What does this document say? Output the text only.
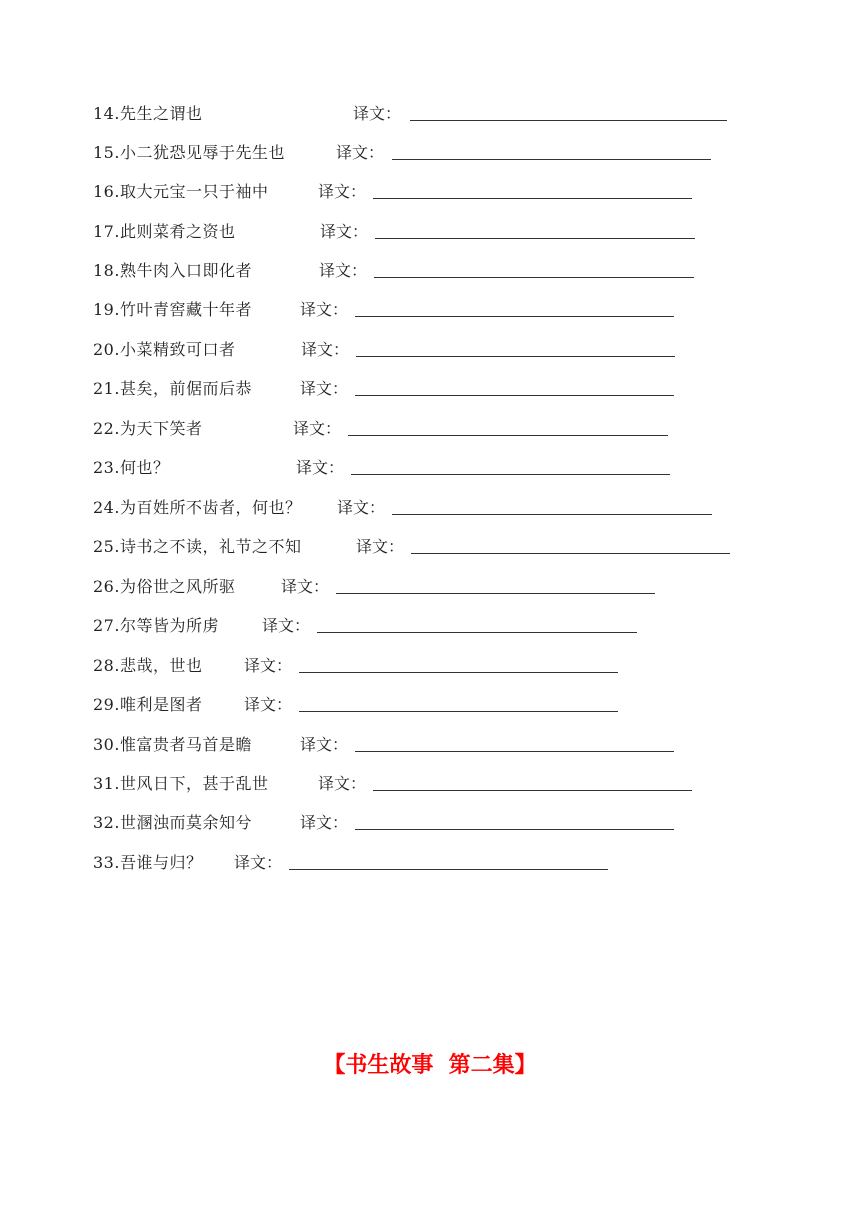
14.先生之谓也	译文：
15.小二犹恐见辱于先生也	译文：
16.取大元宝一只于袖中	译文：
17.此则菜肴之资也	译文：
18.熟牛肉入口即化者	译文：
19.竹叶青窖藏十年者	译文：
20.小菜精致可口者	译文：
21.甚矣，前倨而后恭	译文：
22.为天下笑者	译文：
23.何也？	译文：
24.为百姓所不齿者，何也？ 译文：
25.诗书之不读，礼节之不知	译文：
26.为俗世之风所驱	译文：
27.尔等皆为所虏	译文：
28.悲哉，世也	译文：
29.唯利是图者	译文：
30.惟富贵者马首是瞻	译文：
31.世风日下，甚于乱世	译文：
32.世溷浊而莫余知兮	译文：
33.吾谁与归？ 译文：
【书生故事  第二集】
